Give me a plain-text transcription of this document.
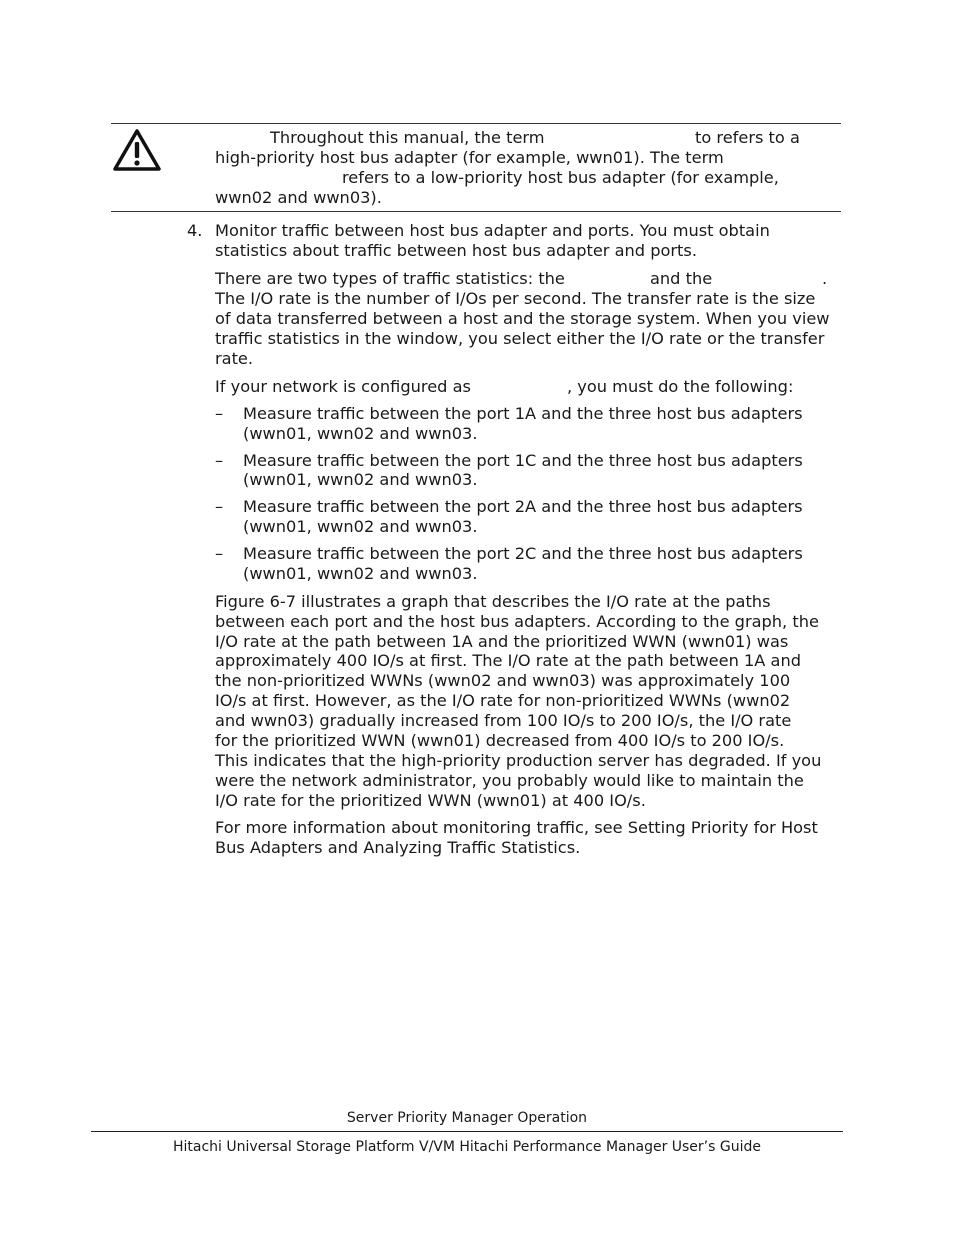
Throughout this manual, the term	to refers to a
high-priority host bus adapter (for example, wwn01). The term
refers to a low-priority host bus adapter (for example,
wwn02 and wwn03).
4. Monitor traffic between host bus adapter and ports. You must obtain
statistics about traffic between host bus adapter and ports.
There are two types of traffic statistics: the	and the	.
The I/O rate is the number of I/Os per second. The transfer rate is the size
of data transferred between a host and the storage system. When you view
traffic statistics in the window, you select either the I/O rate or the transfer
rate.
If your network is configured as	, you must do the following:
– Measure traffic between the port 1A and the three host bus adapters
(wwn01, wwn02 and wwn03.
– Measure traffic between the port 1C and the three host bus adapters
(wwn01, wwn02 and wwn03.
– Measure traffic between the port 2A and the three host bus adapters
(wwn01, wwn02 and wwn03.
– Measure traffic between the port 2C and the three host bus adapters
(wwn01, wwn02 and wwn03.
Figure 6-7 illustrates a graph that describes the I/O rate at the paths
between each port and the host bus adapters. According to the graph, the
I/O rate at the path between 1A and the prioritized WWN (wwn01) was
approximately 400 IO/s at first. The I/O rate at the path between 1A and
the non-prioritized WWNs (wwn02 and wwn03) was approximately 100
IO/s at first. However, as the I/O rate for non-prioritized WWNs (wwn02
and wwn03) gradually increased from 100 IO/s to 200 IO/s, the I/O rate
for the prioritized WWN (wwn01) decreased from 400 IO/s to 200 IO/s.
This indicates that the high-priority production server has degraded. If you
were the network administrator, you probably would like to maintain the
I/O rate for the prioritized WWN (wwn01) at 400 IO/s.
For more information about monitoring traffic, see Setting Priority for Host
Bus Adapters and Analyzing Traffic Statistics.
Server Priority Manager Operation
Hitachi Universal Storage Platform V/VM Hitachi Performance Manager User’s Guide
